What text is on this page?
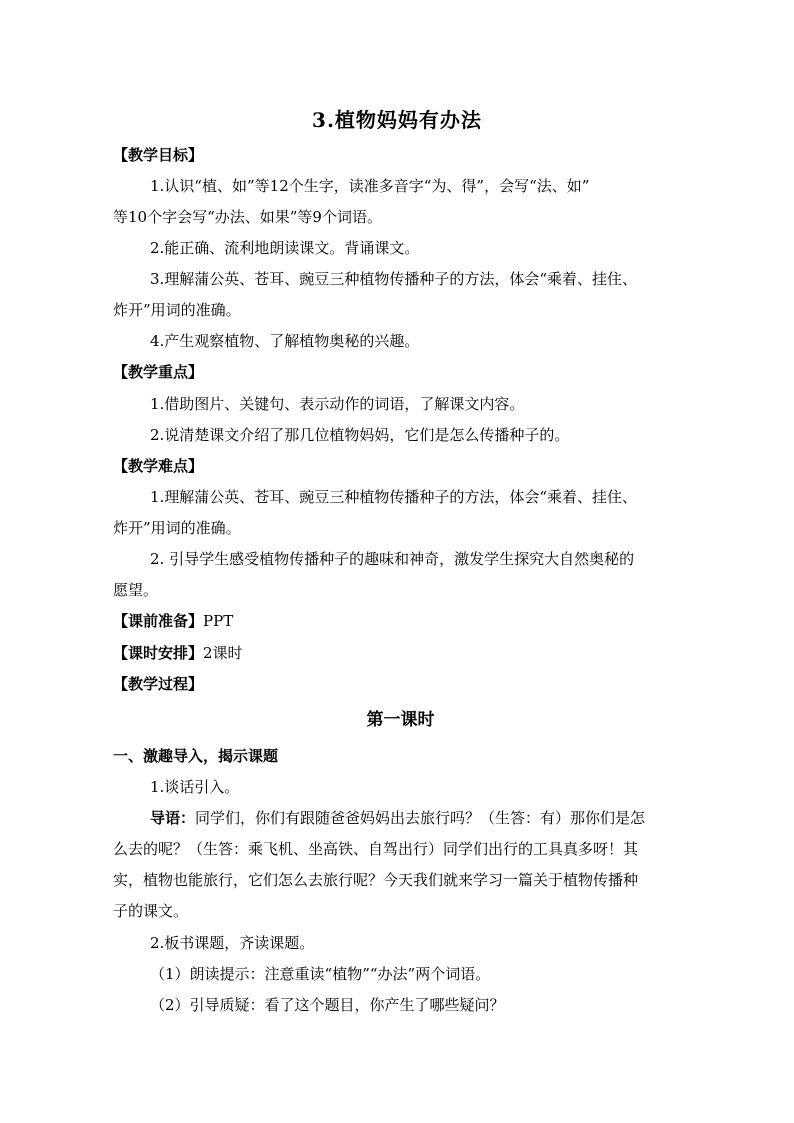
3.植物妈妈有办法
【教学目标】
1.认识“植、如”等12个生字，读准多音字“为、得”，会写“法、如”
等10个字会写“办法、如果”等9个词语。
2.能正确、流利地朗读课文。背诵课文。
3.理解蒲公英、苍耳、豌豆三种植物传播种子的方法，体会“乘着、挂住、
炸开”用词的准确。
4.产生观察植物、了解植物奥秘的兴趣。
【教学重点】
1.借助图片、关键句、表示动作的词语，了解课文内容。
2.说清楚课文介绍了那几位植物妈妈，它们是怎么传播种子的。
【教学难点】
1.理解蒲公英、苍耳、豌豆三种植物传播种子的方法，体会“乘着、挂住、
炸开”用词的准确。
2. 引导学生感受植物传播种子的趣味和神奇，激发学生探究大自然奥秘的
愿望。
【课前准备】PPT
【课时安排】2课时
【教学过程】
第一课时
一、激趣导入，揭示课题
1.谈话引入。
导语：同学们，你们有跟随爸爸妈妈出去旅行吗？（生答：有）那你们是怎
么去的呢？（生答：乘飞机、坐高铁、自驾出行）同学们出行的工具真多呀！其
实，植物也能旅行，它们怎么去旅行呢？今天我们就来学习一篇关于植物传播种
子的课文。
2.板书课题，齐读课题。
（1）朗读提示：注意重读“植物”“办法”两个词语。
（2）引导质疑：看了这个题目，你产生了哪些疑问？
